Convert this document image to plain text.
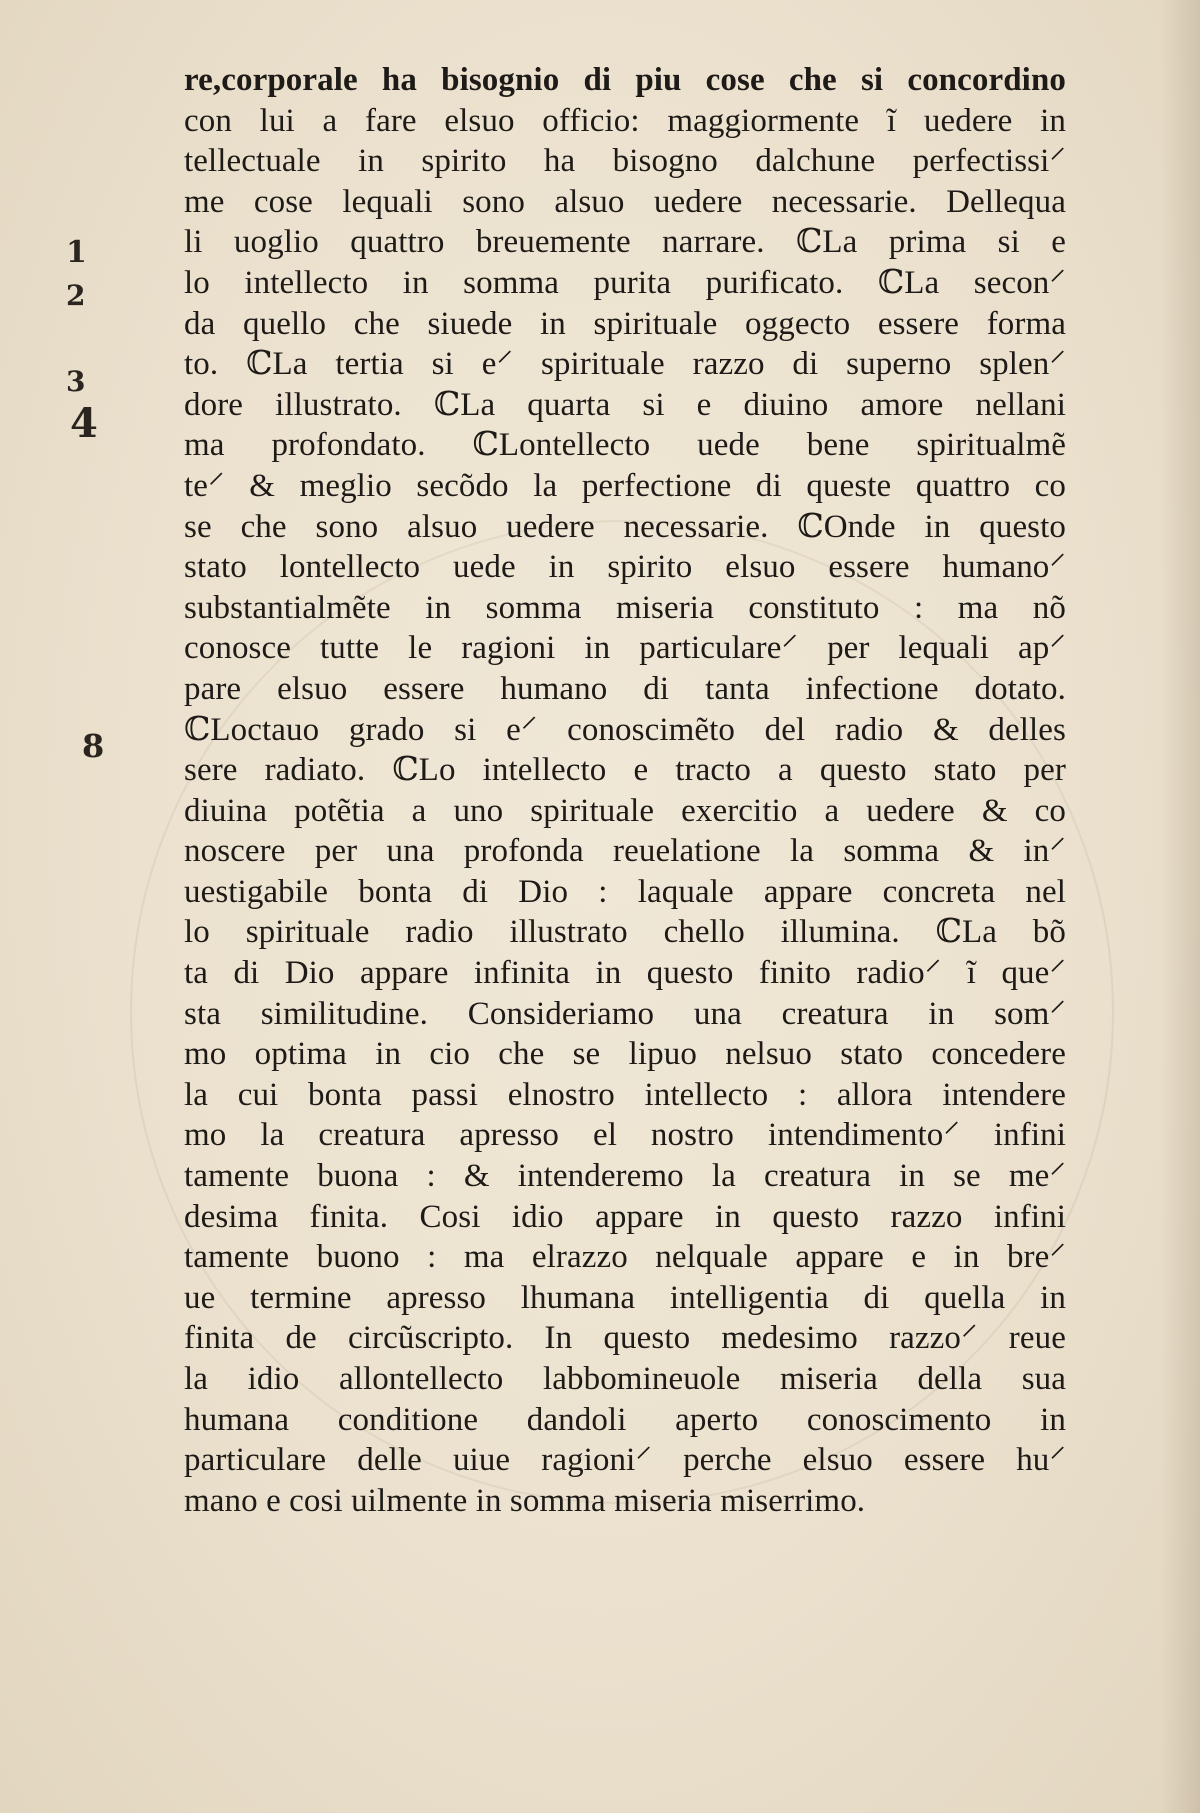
1
2
3
4
8
re,corporale ha bisognio di piu cose che si concordino
con lui a fare elsuo officio: maggiormente ĩ uedere in
tellectuale in spirito ha bisogno dalchune perfectissi⸍
me cose lequali sono alsuo uedere necessarie. Dellequa
li uoglio quattro breuemente narrare. ℂLa prima si e
lo intellecto in somma purita purificato. ℂLa secon⸍
da quello che siuede in spirituale oggecto essere forma
to. ℂLa tertia si e⸍ spirituale razzo di superno splen⸍
dore illustrato. ℂLa quarta si e diuino amore nellani
ma profondato. ℂLontellecto uede bene spiritualmẽ
te⸍ & meglio secõdo la perfectione di queste quattro co
se che sono alsuo uedere necessarie. ℂOnde in questo
stato lontellecto uede in spirito elsuo essere humano⸍
substantialmẽte in somma miseria constituto : ma nõ
conosce tutte le ragioni in particulare⸍ per lequali ap⸍
pare elsuo essere humano di tanta infectione dotato.
ℂLoctauo grado si e⸍ conoscimẽto del radio & delles
sere radiato. ℂLo intellecto e tracto a questo stato per
diuina potẽtia a uno spirituale exercitio a uedere & co
noscere per una profonda reuelatione la somma & in⸍
uestigabile bonta di Dio : laquale appare concreta nel
lo spirituale radio illustrato chello illumina. ℂLa bõ
ta di Dio appare infinita in questo finito radio⸍ ĩ que⸍
sta similitudine. Consideriamo una creatura in som⸍
mo optima in cio che se lipuo nelsuo stato concedere
la cui bonta passi elnostro intellecto : allora intendere
mo la creatura apresso el nostro intendimento⸍ infini
tamente buona : & intenderemo la creatura in se me⸍
desima finita. Cosi idio appare in questo razzo infini
tamente buono : ma elrazzo nelquale appare e in bre⸍
ue termine apresso lhumana intelligentia di quella in
finita de circũscripto. In questo medesimo razzo⸍ reue
la idio allontellecto labbomineuole miseria della sua
humana conditione dandoli aperto conoscimento in
particulare delle uiue ragioni⸍ perche elsuo essere hu⸍
mano e cosi uilmente in somma miseria miserrimo.
